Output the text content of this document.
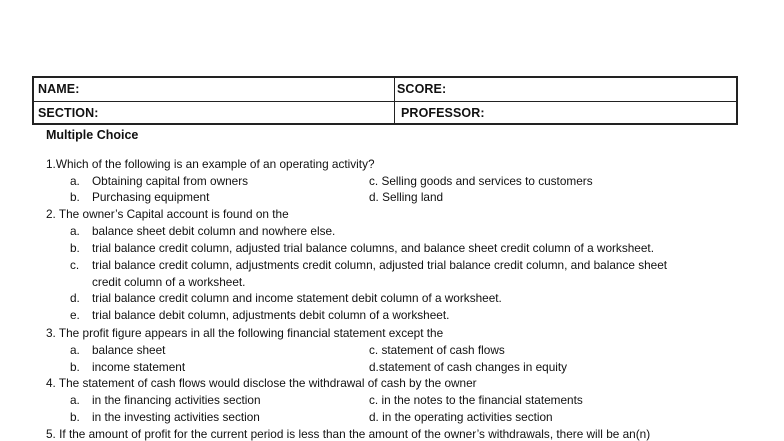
NAME:	SCORE:
SECTION:	PROFESSOR:
Multiple Choice
1.Which of the following is an example of an operating activity?
a. Obtaining capital from owners	c. Selling goods and services to customers
b. Purchasing equipment	d. Selling land
2. The owner’s Capital account is found on the
a. balance sheet debit column and nowhere else.
b. trial balance credit column, adjusted trial balance columns, and balance sheet credit column of a worksheet.
c. trial balance credit column, adjustments credit column, adjusted trial balance credit column, and balance sheet
credit column of a worksheet.
d. trial balance credit column and income statement debit column of a worksheet.
e. trial balance debit column, adjustments debit column of a worksheet.
3. The profit figure appears in all the following financial statement except the
a. balance sheet	c. statement of cash flows
b. income statement	d.statement of cash changes in equity
4. The statement of cash flows would disclose the withdrawal of cash by the owner
a. in the financing activities section	c. in the notes to the financial statements
b. in the investing activities section	d. in the operating activities section
5. If the amount of profit for the current period is less than the amount of the owner’s withdrawals, there will be an(n)
